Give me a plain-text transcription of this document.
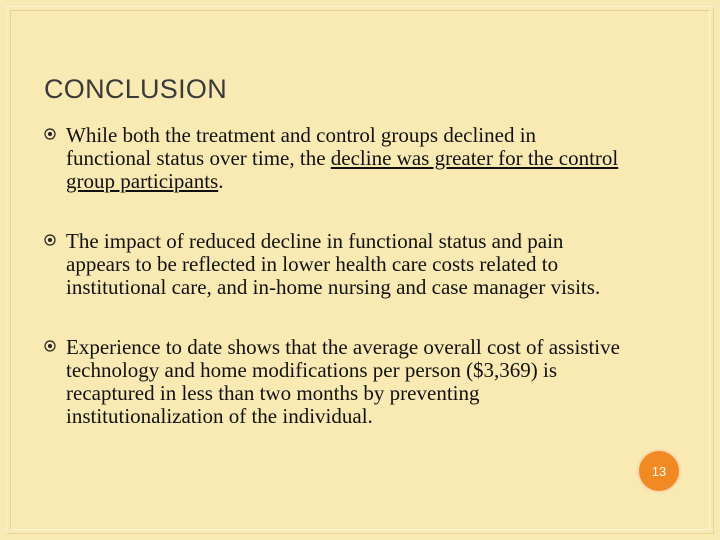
CONCLUSION
While both the treatment and control groups declined in functional status over time, the decline was greater for the control group participants.
The impact of reduced decline in functional status and pain appears to be reflected in lower health care costs related to institutional care, and in-home nursing and case manager visits.
Experience to date shows that the average overall cost of assistive technology and home modifications per person ($3,369) is recaptured in less than two months by preventing institutionalization of the individual.
13
